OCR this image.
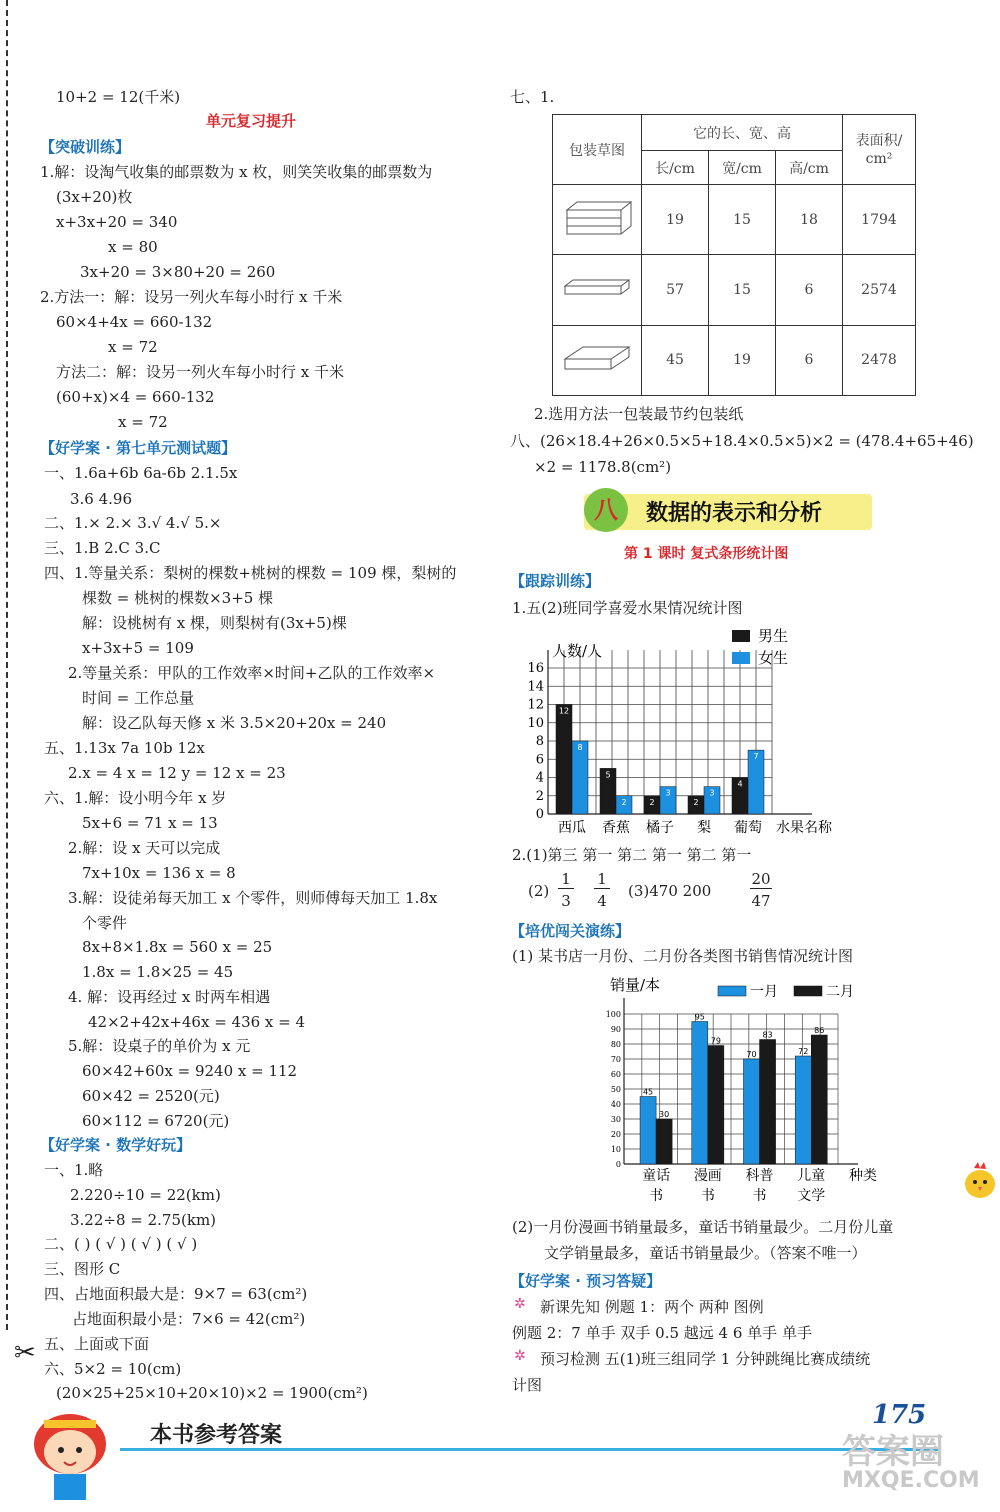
10+2 = 12(千米)
单元复习提升
【突破训练】
1.解：设淘气收集的邮票数为 x 枚，则笑笑收集的邮票数为
(3x+20)枚
x+3x+20 = 340
x = 80
3x+20 = 3×80+20 = 260
2.方法一：解：设另一列火车每小时行 x 千米
60×4+4x = 660-132
x = 72
方法二：解：设另一列火车每小时行 x 千米
(60+x)×4 = 660-132
x = 72
【好学案 · 第七单元测试题】
一、1.6a+6b 6a-6b 2.1.5x
3.6 4.96
二、1.× 2.× 3.√ 4.√ 5.×
三、1.B 2.C 3.C
四、1.等量关系：梨树的棵数+桃树的棵数 = 109 棵，梨树的
棵数 = 桃树的棵数×3+5 棵
解：设桃树有 x 棵，则梨树有(3x+5)棵
x+3x+5 = 109
2.等量关系：甲队的工作效率×时间+乙队的工作效率×
时间 = 工作总量
解：设乙队每天修 x 米 3.5×20+20x = 240
五、1.13x 7a 10b 12x
2.x = 4 x = 12 y = 12 x = 23
六、1.解：设小明今年 x 岁
5x+6 = 71 x = 13
2.解：设 x 天可以完成
7x+10x = 136 x = 8
3.解：设徒弟每天加工 x 个零件，则师傅每天加工 1.8x
个零件
8x+8×1.8x = 560 x = 25
1.8x = 1.8×25 = 45
4. 解：设再经过 x 时两车相遇
42×2+42x+46x = 436 x = 4
5.解：设桌子的单价为 x 元
60×42+60x = 9240 x = 112
60×42 = 2520(元)
60×112 = 6720(元)
【好学案 · 数学好玩】
一、1.略
2.220÷10 = 22(km)
3.22÷8 = 2.75(km)
二、( ) ( √ ) ( √ ) ( √ )
三、图形 C
四、占地面积最大是：9×7 = 63(cm²)
占地面积最小是：7×6 = 42(cm²)
五、上面或下面
六、5×2 = 10(cm)
(20×25+25×10+20×10)×2 = 1900(cm²)
✂
七、1.
包装草图	它的长、宽、高			表面积/
cm²
	长/cm	宽/cm	高/cm	
	19	15	18	1794
	57	15	6	2574
	45	19	6	2478
2.选用方法一包装最节约包装纸
八、(26×18.4+26×0.5×5+18.4×0.5×5)×2 = (478.4+65+46)
×2 = 1178.8(cm²)
八	数据的表示和分析
第 1 课时 复式条形统计图
【跟踪训练】
1.五(2)班同学喜爱水果情况统计图
0
2
4
6
8
10
12
14
16
人数/人
男生
女生
12
8
西瓜
5
2
香蕉
2
3
橘子
2
3
梨
4
7
葡萄 水果名称
2.(1)第三 第一 第二 第一 第二 第一
(2)
1
3
1
4
(3)470 200
20
47
【培优闯关演练】
(1) 某书店一月份、二月份各类图书销售情况统计图
0
10
20
30
40
50
60
70
80
90
100
销量/本	一月	二月
45
30
童话
书
95
79
漫画
书
70
83
科普
书
72
86
儿童
文学
种类
(2)一月份漫画书销量最多，童话书销量最少。二月份儿童
文学销量最多，童话书销量最少。（答案不唯一）
【好学案 · 预习答疑】
✲ 新课先知 例题 1：两个 两种 图例
例题 2：7 单手 双手 0.5 越远 4 6 单手 单手
✲ 预习检测 五(1)班三组同学 1 分钟跳绳比赛成绩统
计图
本书参考答案
175
答案圈
MXQE.COM
